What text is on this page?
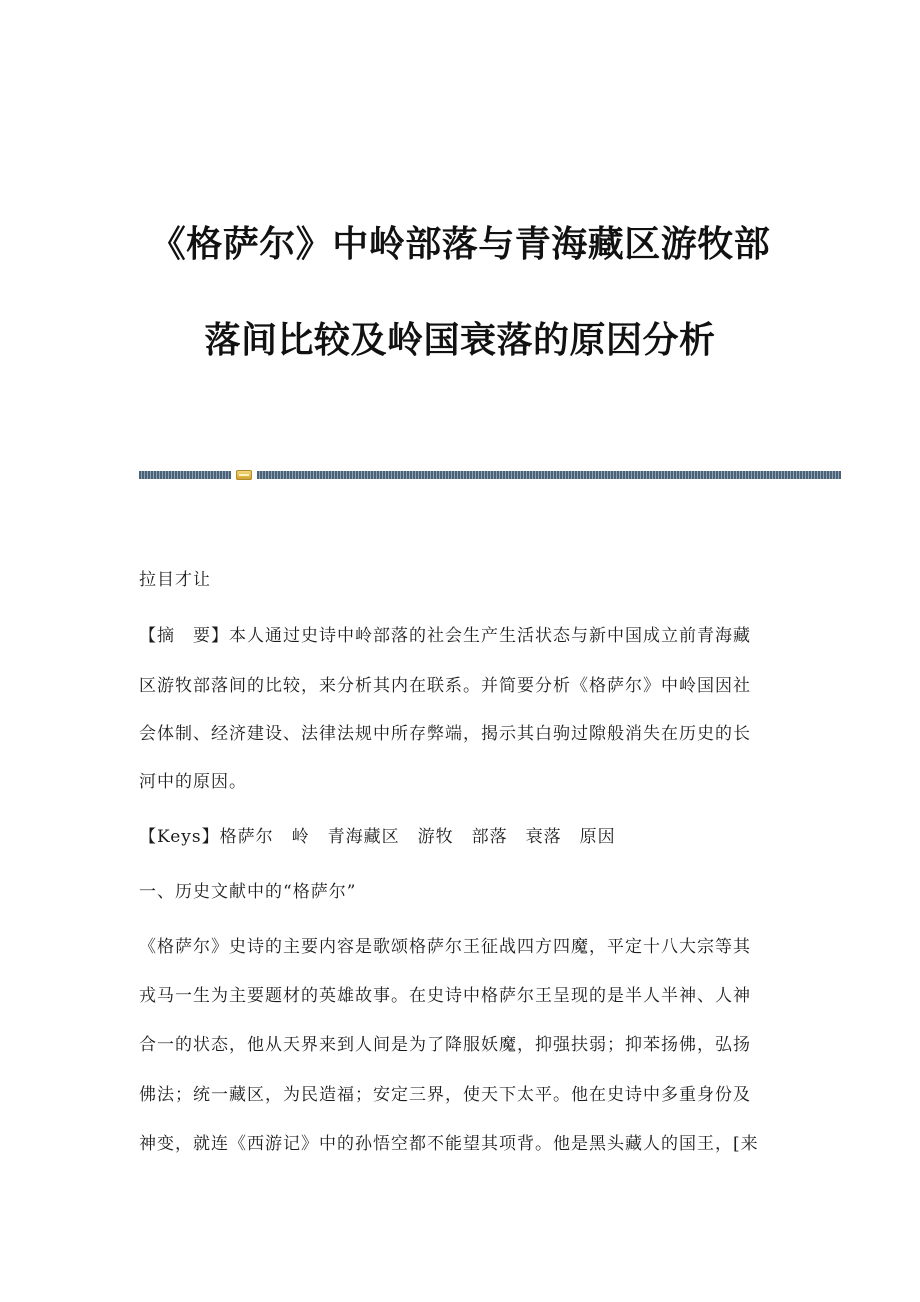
《格萨尔》中岭部落与青海藏区游牧部
落间比较及岭国衰落的原因分析
拉目才让
【摘　要】本人通过史诗中岭部落的社会生产生活状态与新中国成立前青海藏
区游牧部落间的比较，来分析其内在联系。并简要分析《格萨尔》中岭国因社
会体制、经济建设、法律法规中所存弊端，揭示其白驹过隙般消失在历史的长
河中的原因。
【Keys】格萨尔　岭　青海藏区　游牧　部落　衰落　原因
一、历史文献中的“格萨尔”
《格萨尔》史诗的主要内容是歌颂格萨尔王征战四方四魔，平定十八大宗等其
戎马一生为主要题材的英雄故事。在史诗中格萨尔王呈现的是半人半神、人神
合一的状态，他从天界来到人间是为了降服妖魔，抑强扶弱；抑苯扬佛，弘扬
佛法；统一藏区，为民造福；安定三界，使天下太平。他在史诗中多重身份及
神变，就连《西游记》中的孙悟空都不能望其项背。他是黑头藏人的国王，[来
